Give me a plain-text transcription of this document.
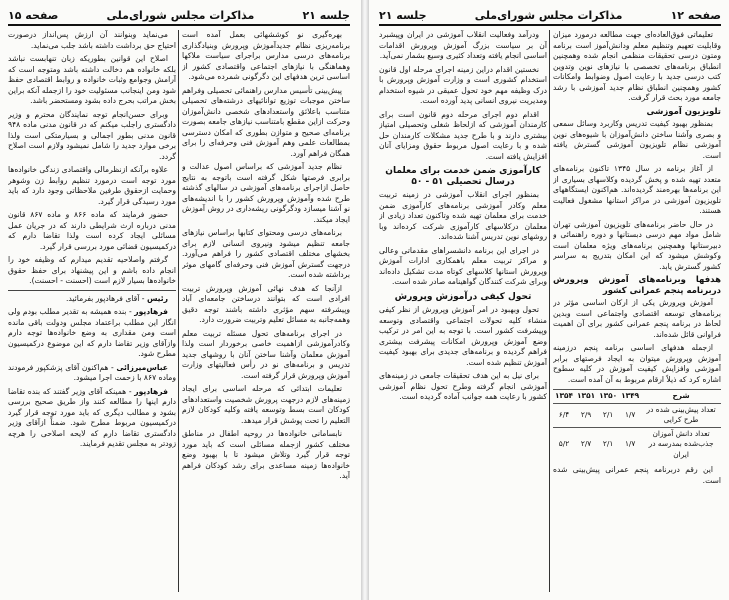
جلسه ۲۱
مذاکرات مجلس شورای‌ملی
صفحه ۱۵

بهره‌گیری نو کوششهائی بعمل آمده است برنامه‌ریزی نظام جدیدآموزش وپرورش وبنیادگذاری برنامه‌های درسی مدارس براجرای سیاست ملاکها وهماهنگی با نیازهای اجتماعی واقتصادی کشور از اساسی ترین هدفهای این دگرگونی شمرده می‌شود.

پیش‌بینی تأسیس مدارس راهنمائی تحصیلی وفراهم ساختن موجبات توزیع توانائیهای درشته‌های تحصیلی متناسب باعلائق واستعدادهای شخصی دانش‌آموزان وحرکت ازاین مقطع بامتناسب نیازهای جامعه بصورت برنامه‌ای صحیح و متوازن بطوری که امکان دسترسی بمطالعات علمی وهم آموزش فنی وحرفه‌ای را برای همگان فراهم آورد.

نظام جدید آموزشی که براساس اصول عدالت و برابری فرصتها شکل گرفته است باتوجه به نتایج حاصل ازاجرای برنامه‌های آموزشی در سالهای گذشته طرح شده وآموزش وپرورش کشور را با اندیشه‌های نو آشنا میسازد ودگرگونی ریشه‌داری در روش آموزش ایجاد میکند.

برنامه‌های درسی ومحتوای کتابها براساس نیازهای جامعه تنظیم میشود ونیروی انسانی لازم برای بخشهای مختلف اقتصادی کشور را فراهم می‌آورد. درجهت گسترش آموزش فنی وحرفه‌ای گامهای موثر برداشته شده است.

ازآنجا که هدف نهائی آموزش وپرورش تربیت افرادی است که بتوانند درساختن جامعه‌ای آباد وپیشرفته سهم مؤثری داشته باشند توجه دقیق وهمه‌جانبه به مسائل تعلیم وتربیت ضرورت دارد.

در اجرای برنامه‌های تحول مسئله تربیت معلم وکادرآموزشی ازاهمیت خاصی برخوردار است ولذا آموزش معلمان وآشنا ساختن آنان با روشهای جدید تدریس و برنامه‌های نو در رأس فعالیتهای وزارت آموزش وپرورش قرار گرفته است.

تعلیمات ابتدائی که مرحله اساسی برای ایجاد زمینه‌های لازم درجهت پرورش شخصیت واستعدادهای کودکان است بسط وتوسعه یافته وکلیه کودکان لازم التعلیم را تحت پوشش قرار میدهد.

نابسامانی خانواده‌ها در روحیه اطفال در مناطق مختلف کشور ازجمله مسائلی است که باید مورد توجه قرار گیرد وتلاش میشود تا با بهبود وضع خانواده‌ها زمینه مساعدی برای رشد کودکان فراهم آید.

می‌نماید وبنوانند آن ارزش پس‌انداز درصورت احتیاج حق برداشت داشته باشد جلب می‌نماید.

اصلاح این قوانین بطوریکه زبان تنهابست نباشد بلکه خانواده هم دخالت داشته باشد ومتوجه است که آرامش وجوامع وثبات خانواده و روابط اقتصادی حفظ شود ومن اینجانب مسئولیت خود را ازجمله آنکه براین بخش مراتب بحرج داده بشود ومستحضر باشد.

وبرای حسن‌انجام توجه نمایندگان محترم و وزیر دادگستری راجلب میکنم که در قانون مدنی ماده ۹۴۸ قانون مدنی بطور اجمالی و بسیارمتکی است ولذا برخی موارد جدید را شامل نمیشود ولازم است اصلاح گردد.

علاوه برآنکه ازنظرمالی واقتصادی زندگی خانواده‌ها مورد توجه است درمورد تنظیم روابط زن وشوهر وحمایت ازحقوق طرفین ملاحظاتی وجود دارد که باید مورد رسیدگی قرار گیرد.

حضور فرمایند که ماده ۸۶۶ و ماده ۸۶۷ قانون مدنی درباره ارث شرایطی دارند که در جریان عمل مسائلی ایجاد کرده است ولذا تقاضا دارم که درکمیسیون قضائی مورد بررسی قرار گیرد.

گرفتم واصلاحیه تقدیم میدارم که وظیفه خود را انجام داده باشم و این پیشنهاد برای حفظ حقوق خانواده‌ها بسیار لازم است (احسنت - احسنت).

رئیس - آقای فرهادپور بفرمائید.

فرهادپور - بنده همیشه به تقدیر مطلب بودم ولی انگار این مطلب براعتماد مجلس ودولت باقی مانده است ومن مقداری به وضع خانواده‌ها توجه دارم وازآقای وزیر تقاضا دارم که این موضوع درکمیسیون مطرح شود.

عباس‌میرزائی - هم‌اکنون آقای پزشکپور فرمودند وماده ۸۶۷ با زحمت اجرا میشود.

فرهادپور - همینکه آقای وزیر گفتند که بنده تقاضا دارم اینها را مطالعه کنند واز طریق صحیح بررسی بشود و مطالب دیگری که باید مورد توجه قرار گیرد درکمیسیون مربوط مطرح شود. ضمناً ازآقای وزیر دادگستری تقاضا دارم که لایحه اصلاحی را هرچه زودتر به مجلس تقدیم فرمایند.

صفحه ۱۲
مذاکرات مجلس شورای‌ملی
جلسه ۲۱

تعلیماتی فوق‌العاده‌ای جهت مطالعه درمورد میزان وقابلیت تعهیم وتنظیم معلم ودانش‌آموز است برنامه ومتون درسی تحقیقات منظمی انجام شده وهمچنین انطباق برنامه‌های تخصصی با نیازهای نوین وتدوین کتب درسی جدید با رعایت اصول وضوابط وامکانات کشور وهمچنین انطباق نظام جدید آموزشی با رشد جامعه مورد بحث قرار گرفت.

تلویزیون آموزشی

بمنظور بهبود کیفیت تدریس وکاربرد وسائل سمعی و بصری وآشنا ساختن دانش‌آموزان با شیوه‌های نوین آموزشی نظام تلویزیون آموزشی گسترش یافته است.

از آغاز برنامه در سال ۱۳۴۵ تاکنون برنامه‌های متعدد تهیه شده و پخش گردیده وکلاسهای بسیاری از این برنامه‌ها بهره‌مند گردیده‌اند. هم‌اکنون ایستگاههای تلویزیون آموزشی در مراکز استانها مشغول فعالیت هستند.

در حال حاضر برنامه‌های تلویزیون آموزشی تهران شامل مواد مهم درسی دبستانها و دوره راهنمائی و دبیرستانها وهمچنین برنامه‌های ویژه معلمان است وکوشش میشود که این امکان بتدریج به سراسر کشور گسترش یابد.

هدفها وبرنامه‌های آموزش وپرورش دربرنامه پنجم عمرانی کشور

آموزش وپرورش یکی از ارکان اساسی مؤثر در برنامه‌های توسعه اقتصادی واجتماعی است وبدین لحاظ در برنامه پنجم عمرانی کشور برای آن اهمیت فراوانی قائل شده‌اند.

ازجمله هدفهای اساسی برنامه پنجم درزمینه آموزش وپرورش میتوان به ایجاد فرصتهای برابر آموزشی وافزایش کیفیت آموزش در کلیه سطوح اشاره کرد که ذیلاً ارقام مربوط به آن آمده است.

شرح	۱۳۴۹	۱۳۵۰	۱۳۵۱	۱۳۵۴
تعداد پیش‌بینی شده در طرح کرایی	۱/۷	۲/۱	۲/۹	۶/۴
تعداد دانش آموزان جذب‌شده بمدرسه در ایران	۱/۷	۲/۱	۲/۷	۵/۲

این رقم دربرنامه پنجم عمرانی پیش‌بینی شده است.

ودرآمد وفعالیت انقلاب آموزشی در ایران وپیشبرد آن بر سیاست بزرگ آموزش وپرورش اقدامات اساسی انجام یافته وتعداد کثیری وسیع بشمار نمی‌آید.

نخستین اقدام دراین زمینه اجرای مرحله اول قانون استخدام کشوری است و وزارت آموزش وپرورش با درک وظیفه مهم خود تحول عمیقی در شیوه استخدام ومدیریت نیروی انسانی پدید آورده است.

اقدام دوم اجرای مرحله دوم قانون است برای کارمندان آموزشی که ازلحاظ شغلی وتحصیلی امتیاز بیشتری دارند و با طرح جدید مشکلات کارمندان حل شده و با رعایت اصول مربوط حقوق ومزایای آنان افزایش یافته است.

کارآموزی ضمن خدمت برای معلمان درسال تحصیلی ۵۱ - ۵۰

بمنظور اجرای انقلاب آموزشی در زمینه تربیت معلم وکادر آموزشی برنامه‌های کارآموزی ضمن خدمت برای معلمان تهیه شده وتاکنون تعداد زیادی از معلمان درکلاسهای کارآموزی شرکت کرده‌اند وبا روشهای نوین تدریس آشنا شده‌اند.

در اجرای این برنامه دانشسراهای مقدماتی وعالی و مراکز تربیت معلم باهمکاری ادارات آموزش وپرورش استانها کلاسهای کوتاه مدت تشکیل داده‌اند وبرای شرکت کنندگان گواهینامه صادر شده است.

تحول کیفی درآموزش وپرورش

تحول وبهبود در امر آموزش وپرورش از نظر کیفی منشاء کلیه تحولات اجتماعی واقتصادی وتوسعه وپیشرفت کشور است. با توجه به این امر در ترکیب وضع آموزش وپرورش امکانات پیشرفت بیشتری فراهم گردیده و برنامه‌های جدیدی برای بهبود کیفیت آموزش تنظیم شده است.

برای نیل به این هدف تحقیقات جامعی در زمینه‌های آموزشی انجام گرفته وطرح تحول نظام آموزشی کشور با رعایت همه جوانب آماده گردیده است.
